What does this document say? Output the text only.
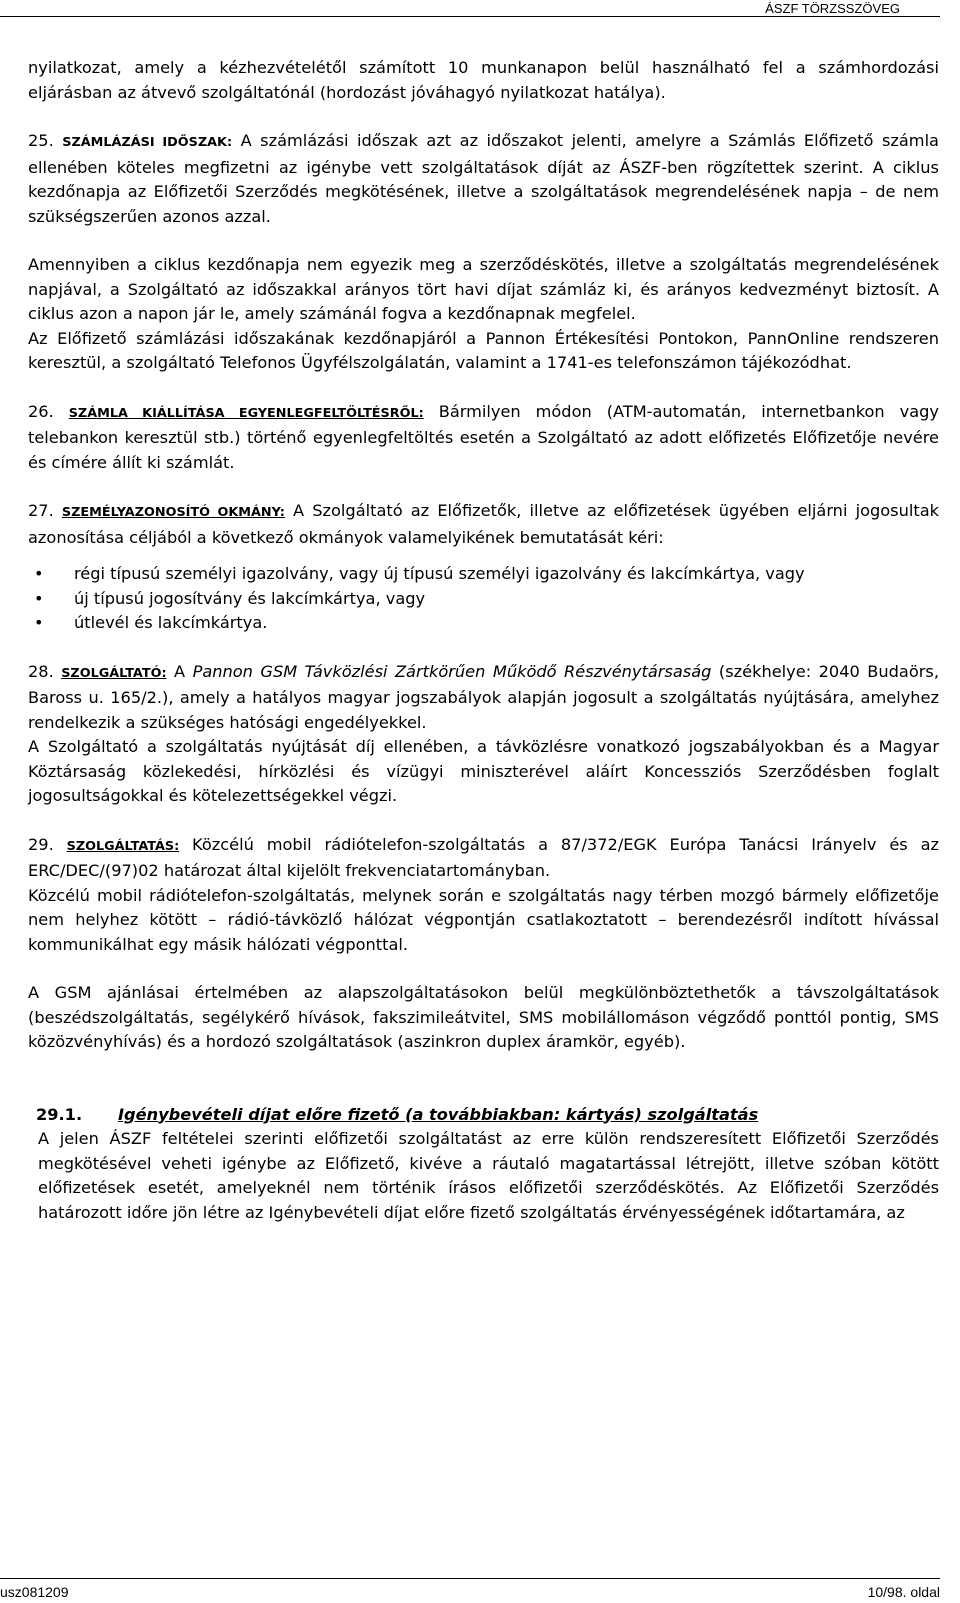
ÁSZF TÖRZSSZÖVEG

nyilatkozat, amely a kézhezvételétől számított 10 munkanapon belül használható fel a számhordozási eljárásban az átvevő szolgáltatónál (hordozást jóváhagyó nyilatkozat hatálya).

25. SZÁMLÁZÁSI IDŐSZAK: A számlázási időszak azt az időszakot jelenti, amelyre a Számlás Előfizető számla ellenében köteles megfizetni az igénybe vett szolgáltatások díját az ÁSZF-ben rögzítettek szerint. A ciklus kezdőnapja az Előfizetői Szerződés megkötésének, illetve a szolgáltatások megrendelésének napja – de nem szükségszerűen azonos azzal.

Amennyiben a ciklus kezdőnapja nem egyezik meg a szerződéskötés, illetve a szolgáltatás megrendelésének napjával, a Szolgáltató az időszakkal arányos tört havi díjat számláz ki, és arányos kedvezményt biztosít. A ciklus azon a napon jár le, amely számánál fogva a kezdőnapnak megfelel.

Az Előfizető számlázási időszakának kezdőnapjáról a Pannon Értékesítési Pontokon, PannOnline rendszeren keresztül, a szolgáltató Telefonos Ügyfélszolgálatán, valamint a 1741-es telefonszámon tájékozódhat.

26. SZÁMLA KIÁLLÍTÁSA EGYENLEGFELTÖLTÉSRŐL: Bármilyen módon (ATM-automatán, internetbankon vagy telebankon keresztül stb.) történő egyenlegfeltöltés esetén a Szolgáltató az adott előfizetés Előfizetője nevére és címére állít ki számlát.

27. SZEMÉLYAZONOSÍTÓ OKMÁNY: A Szolgáltató az Előfizetők, illetve az előfizetések ügyében eljárni jogosultak azonosítása céljából a következő okmányok valamelyikének bemutatását kéri:

• régi típusú személyi igazolvány, vagy új típusú személyi igazolvány és lakcímkártya, vagy
• új típusú jogosítvány és lakcímkártya, vagy
• útlevél és lakcímkártya.

28. SZOLGÁLTATÓ: A Pannon GSM Távközlési Zártkörűen Működő Részvénytársaság (székhelye: 2040 Budaörs, Baross u. 165/2.), amely a hatályos magyar jogszabályok alapján jogosult a szolgáltatás nyújtására, amelyhez rendelkezik a szükséges hatósági engedélyekkel.

A Szolgáltató a szolgáltatás nyújtását díj ellenében, a távközlésre vonatkozó jogszabályokban és a Magyar Köztársaság közlekedési, hírközlési és vízügyi miniszterével aláírt Koncessziós Szerződésben foglalt jogosultságokkal és kötelezettségekkel végzi.

29. SZOLGÁLTATÁS: Közcélú mobil rádiótelefon-szolgáltatás a 87/372/EGK Európa Tanácsi Irányelv és az ERC/DEC/(97)02 határozat által kijelölt frekvenciatartományban.

Közcélú mobil rádiótelefon-szolgáltatás, melynek során e szolgáltatás nagy térben mozgó bármely előfizetője nem helyhez kötött – rádió-távközlő hálózat végpontján csatlakoztatott – berendezésről indított hívással kommunikálhat egy másik hálózati végponttal.

A GSM ajánlásai értelmében az alapszolgáltatásokon belül megkülönböztethetők a távszolgáltatások (beszédszolgáltatás, segélykérő hívások, fakszimileátvitel, SMS mobilállomáson végződő ponttól pontig, SMS közözvényhívás) és a hordozó szolgáltatások (aszinkron duplex áramkör, egyéb).

29.1. Igénybevételi díjat előre fizető (a továbbiakban: kártyás) szolgáltatás

A jelen ÁSZF feltételei szerinti előfizetői szolgáltatást az erre külön rendszeresített Előfizetői Szerződés megkötésével veheti igénybe az Előfizető, kivéve a ráutaló magatartással létrejött, illetve szóban kötött előfizetések esetét, amelyeknél nem történik írásos előfizetői szerződéskötés. Az Előfizetői Szerződés határozott időre jön létre az Igénybevételi díjat előre fizető szolgáltatás érvényességének időtartamára, az

usz081209	10/98. oldal
